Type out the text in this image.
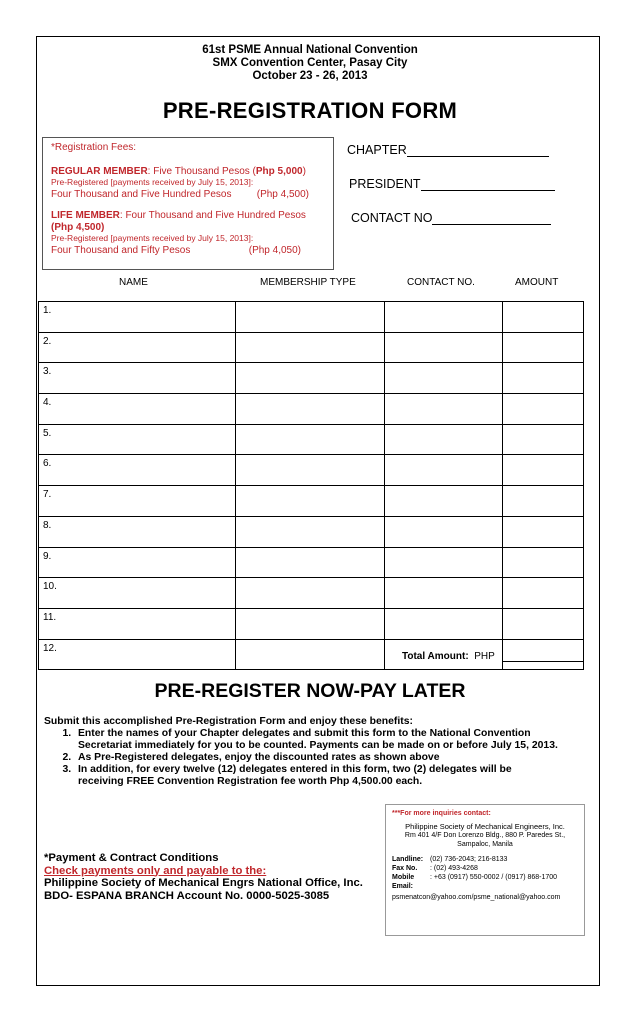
61st PSME Annual National Convention
SMX Convention Center, Pasay City
October 23 - 26, 2013
PRE-REGISTRATION FORM
*Registration Fees:
REGULAR MEMBER: Five Thousand Pesos (Php 5,000)
Pre-Registered [payments received by July 15, 2013]:
Four Thousand and Five Hundred Pesos	(Php 4,500)
LIFE MEMBER: Four Thousand and Five Hundred Pesos
(Php 4,500)
Pre-Registered [payments received by July 15, 2013]:
Four Thousand and Fifty Pesos	(Php 4,050)
CHAPTER
PRESIDENT
CONTACT NO
NAME	MEMBERSHIP TYPE	CONTACT NO.	AMOUNT
1.			
2.			
3.			
4.			
5.			
6.			
7.			
8.			
9.			
10.			
11.			
12.			
Total Amount: PHP
PRE-REGISTER NOW-PAY LATER
Submit this accomplished Pre-Registration Form and enjoy these benefits:
1. Enter the names of your Chapter delegates and submit this form to the National Convention Secretariat immediately for you to be counted. Payments can be made on or before July 15, 2013.
2. As Pre-Registered delegates, enjoy the discounted rates as shown above
3. In addition, for every twelve (12) delegates entered in this form, two (2) delegates will be receiving FREE Convention Registration fee worth Php 4,500.00 each.
***For more inquiries contact:
Philippine Society of Mechanical Engineers, Inc.
Rm 401 4/F Don Lorenzo Bldg., 880 P. Paredes St., Sampaloc, Manila
Landline: (02) 736-2043; 216-8133
Fax No. : (02) 493-4268
Mobile : +63 (0917) 550-0002 / (0917) 868-1700
Email:
psmenatcon@yahoo.com/psme_national@yahoo.com
*Payment & Contract Conditions
Check payments only and payable to the:
Philippine Society of Mechanical Engrs National Office, Inc.
BDO- ESPANA BRANCH Account No. 0000-5025-3085
